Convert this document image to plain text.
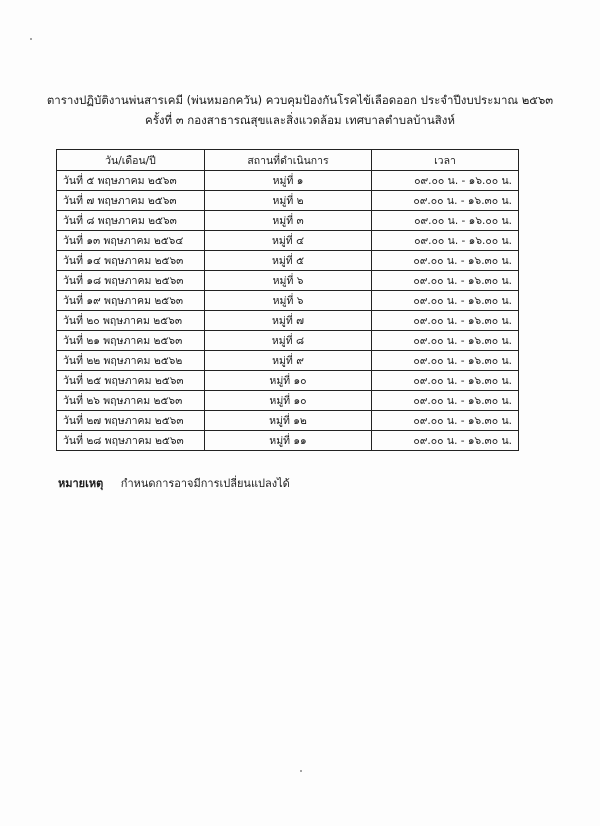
ตารางปฏิบัติงานพ่นสารเคมี (พ่นหมอกควัน) ควบคุมป้องกันโรคไข้เลือดออก ประจำปีงบประมาณ ๒๕๖๓
ครั้งที่ ๓ กองสาธารณสุขและสิ่งแวดล้อม เทศบาลตำบลบ้านสิงห์
วัน/เดือน/ปี	สถานที่ดำเนินการ	เวลา
วันที่ ๕ พฤษภาคม ๒๕๖๓	หมู่ที่ ๑	๐๙.๐๐ น. - ๑๖.๐๐ น.
วันที่ ๗ พฤษภาคม ๒๕๖๓	หมู่ที่ ๒	๐๙.๐๐ น. - ๑๖.๓๐ น.
วันที่ ๘ พฤษภาคม ๒๕๖๓	หมู่ที่ ๓	๐๙.๐๐ น. - ๑๖.๐๐ น.
วันที่ ๑๓ พฤษภาคม ๒๕๖๔	หมู่ที่ ๔	๐๙.๐๐ น. - ๑๖.๐๐ น.
วันที่ ๑๔ พฤษภาคม ๒๕๖๓	หมู่ที่ ๕	๐๙.๐๐ น. - ๑๖.๓๐ น.
วันที่ ๑๘ พฤษภาคม ๒๕๖๓	หมู่ที่ ๖	๐๙.๐๐ น. - ๑๖.๓๐ น.
วันที่ ๑๙ พฤษภาคม ๒๕๖๓	หมู่ที่ ๖	๐๙.๐๐ น. - ๑๖.๓๐ น.
วันที่ ๒๐ พฤษภาคม ๒๕๖๓	หมู่ที่ ๗	๐๙.๐๐ น. - ๑๖.๓๐ น.
วันที่ ๒๑ พฤษภาคม ๒๕๖๓	หมู่ที่ ๘	๐๙.๐๐ น. - ๑๖.๓๐ น.
วันที่ ๒๒ พฤษภาคม ๒๕๖๒	หมู่ที่ ๙	๐๙.๐๐ น. - ๑๖.๓๐ น.
วันที่ ๒๕ พฤษภาคม ๒๕๖๓	หมู่ที่ ๑๐	๐๙.๐๐ น. - ๑๖.๓๐ น.
วันที่ ๒๖ พฤษภาคม ๒๕๖๓	หมู่ที่ ๑๐	๐๙.๐๐ น. - ๑๖.๓๐ น.
วันที่ ๒๗ พฤษภาคม ๒๕๖๓	หมู่ที่ ๑๒	๐๙.๐๐ น. - ๑๖.๓๐ น.
วันที่ ๒๘ พฤษภาคม ๒๕๖๓	หมู่ที่ ๑๑	๐๙.๐๐ น. - ๑๖.๓๐ น.
หมายเหตุ กำหนดการอาจมีการเปลี่ยนแปลงได้
